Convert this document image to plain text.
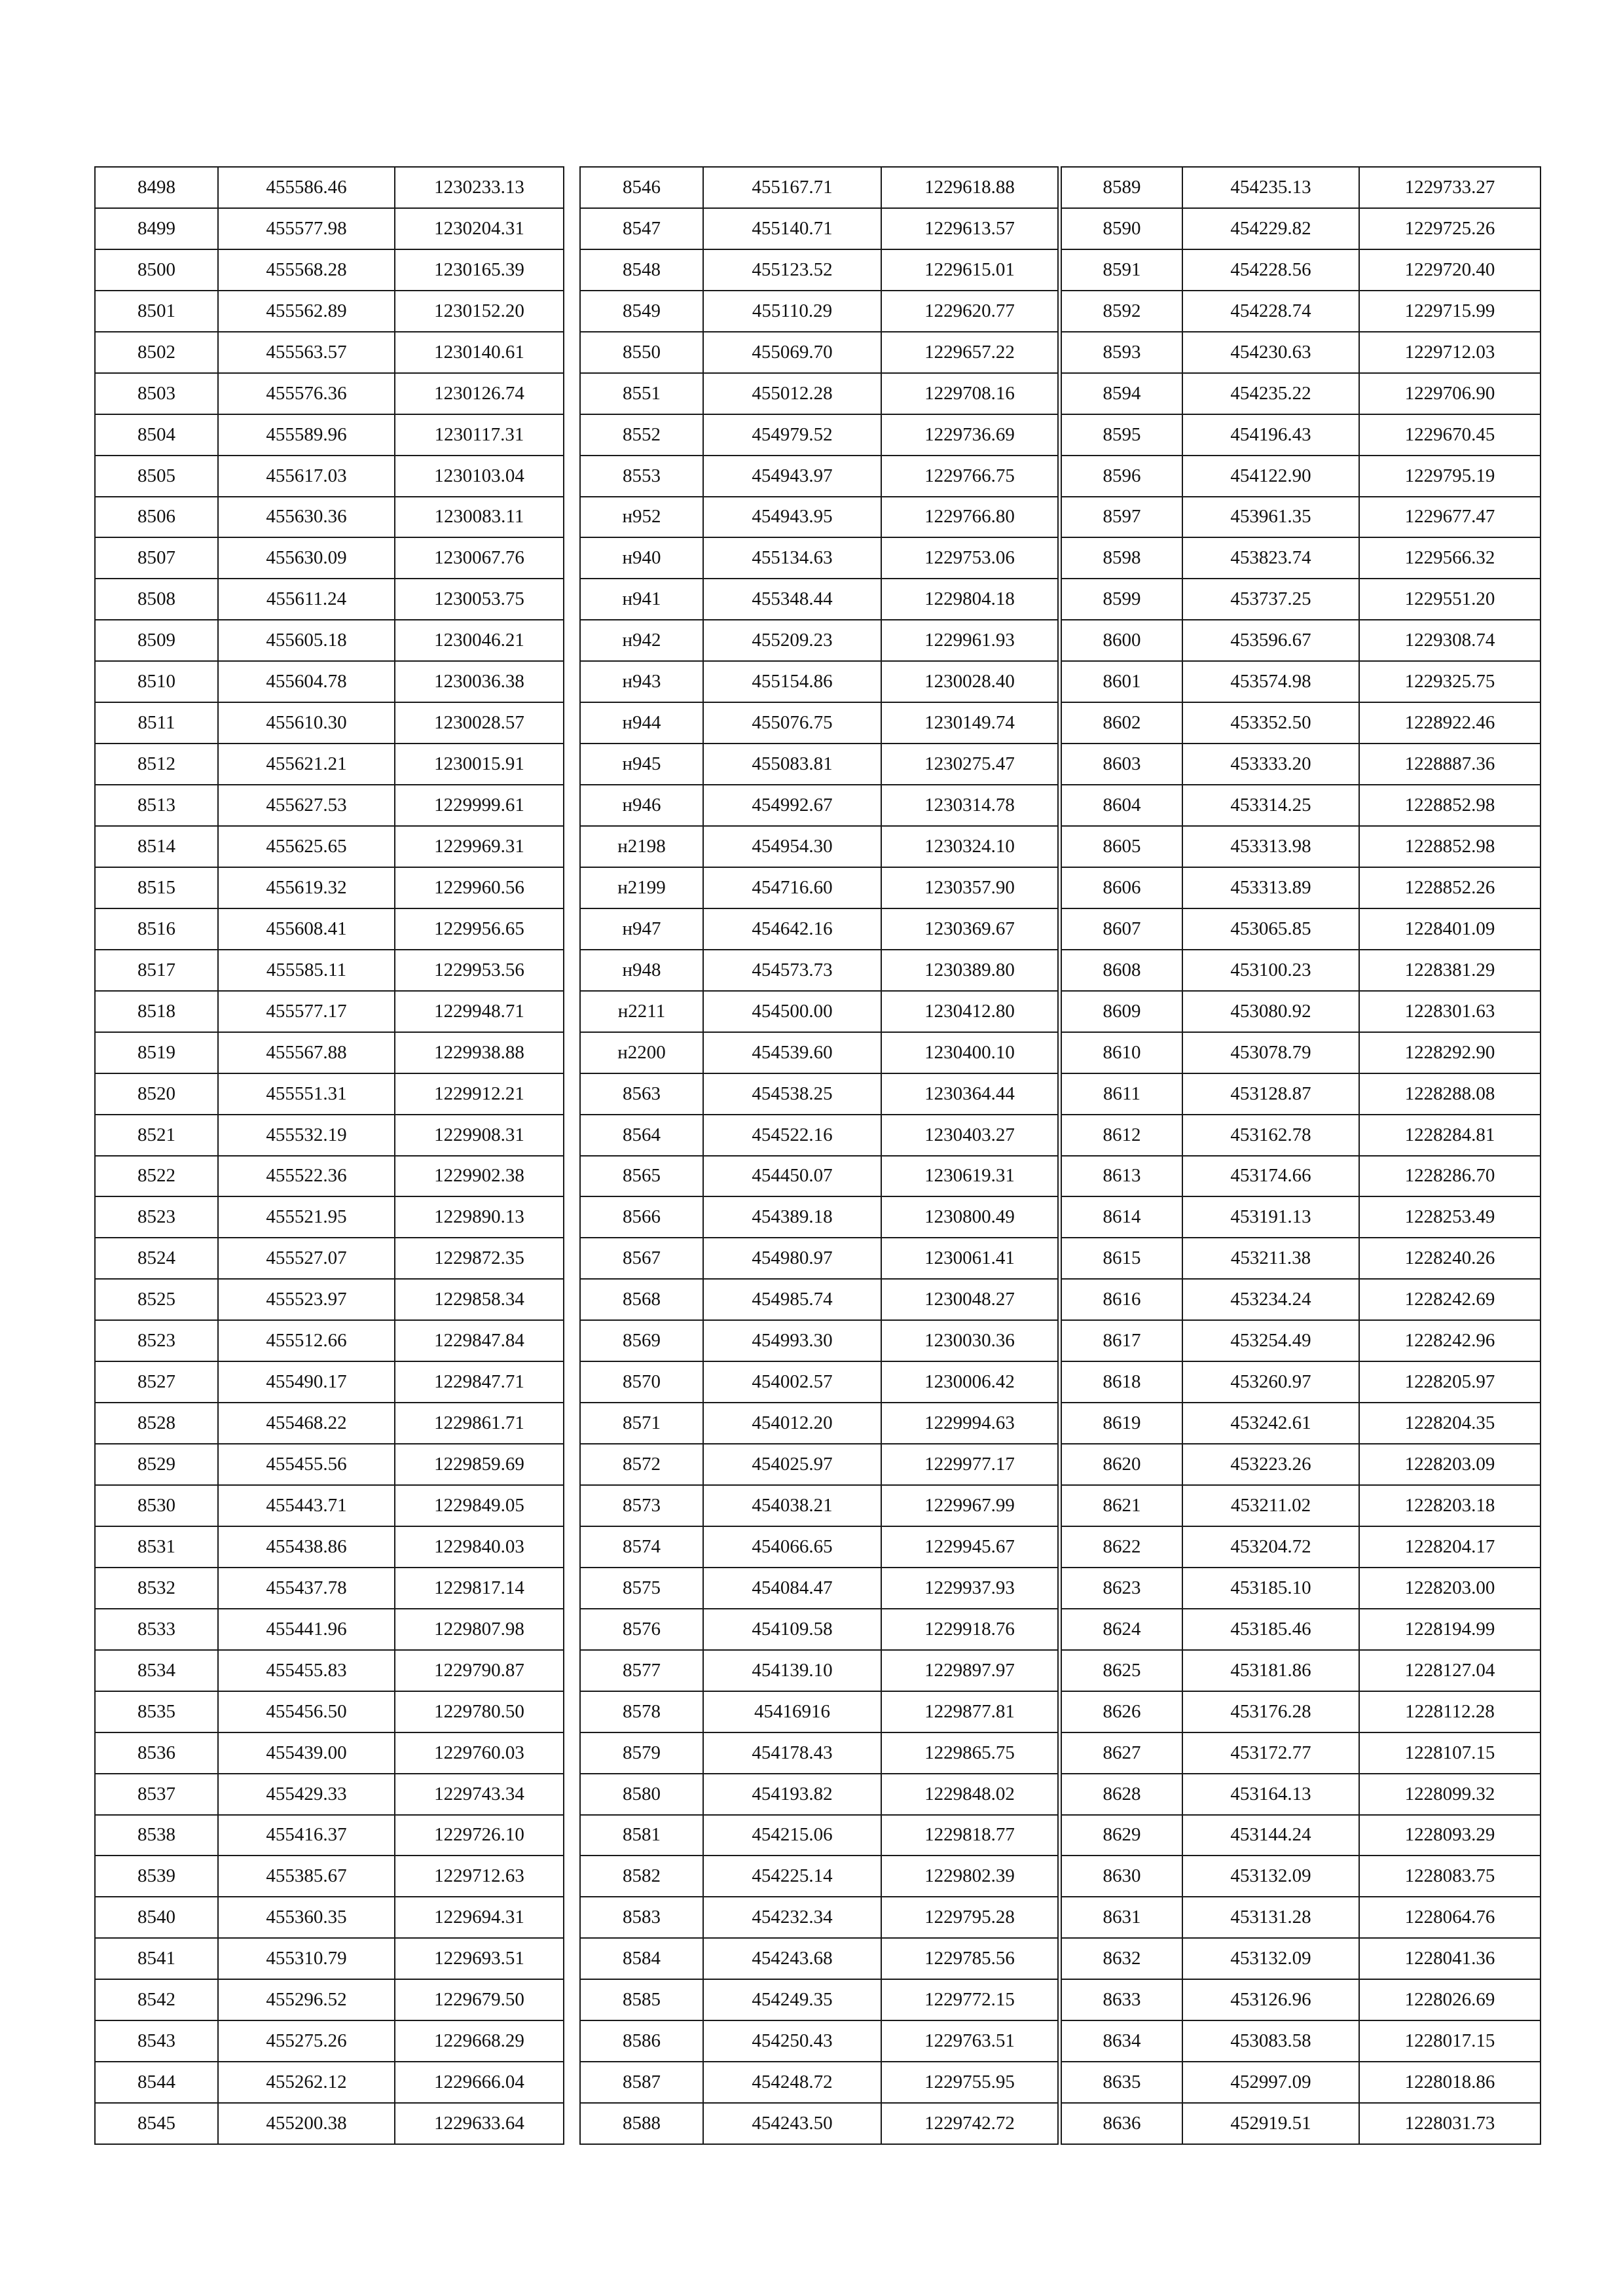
8498	455586.46	1230233.13
8499	455577.98	1230204.31
8500	455568.28	1230165.39
8501	455562.89	1230152.20
8502	455563.57	1230140.61
8503	455576.36	1230126.74
8504	455589.96	1230117.31
8505	455617.03	1230103.04
8506	455630.36	1230083.11
8507	455630.09	1230067.76
8508	455611.24	1230053.75
8509	455605.18	1230046.21
8510	455604.78	1230036.38
8511	455610.30	1230028.57
8512	455621.21	1230015.91
8513	455627.53	1229999.61
8514	455625.65	1229969.31
8515	455619.32	1229960.56
8516	455608.41	1229956.65
8517	455585.11	1229953.56
8518	455577.17	1229948.71
8519	455567.88	1229938.88
8520	455551.31	1229912.21
8521	455532.19	1229908.31
8522	455522.36	1229902.38
8523	455521.95	1229890.13
8524	455527.07	1229872.35
8525	455523.97	1229858.34
8523	455512.66	1229847.84
8527	455490.17	1229847.71
8528	455468.22	1229861.71
8529	455455.56	1229859.69
8530	455443.71	1229849.05
8531	455438.86	1229840.03
8532	455437.78	1229817.14
8533	455441.96	1229807.98
8534	455455.83	1229790.87
8535	455456.50	1229780.50
8536	455439.00	1229760.03
8537	455429.33	1229743.34
8538	455416.37	1229726.10
8539	455385.67	1229712.63
8540	455360.35	1229694.31
8541	455310.79	1229693.51
8542	455296.52	1229679.50
8543	455275.26	1229668.29
8544	455262.12	1229666.04
8545	455200.38	1229633.64
8546	455167.71	1229618.88
8547	455140.71	1229613.57
8548	455123.52	1229615.01
8549	455110.29	1229620.77
8550	455069.70	1229657.22
8551	455012.28	1229708.16
8552	454979.52	1229736.69
8553	454943.97	1229766.75
н952	454943.95	1229766.80
н940	455134.63	1229753.06
н941	455348.44	1229804.18
н942	455209.23	1229961.93
н943	455154.86	1230028.40
н944	455076.75	1230149.74
н945	455083.81	1230275.47
н946	454992.67	1230314.78
н2198	454954.30	1230324.10
н2199	454716.60	1230357.90
н947	454642.16	1230369.67
н948	454573.73	1230389.80
н2211	454500.00	1230412.80
н2200	454539.60	1230400.10
8563	454538.25	1230364.44
8564	454522.16	1230403.27
8565	454450.07	1230619.31
8566	454389.18	1230800.49
8567	454980.97	1230061.41
8568	454985.74	1230048.27
8569	454993.30	1230030.36
8570	454002.57	1230006.42
8571	454012.20	1229994.63
8572	454025.97	1229977.17
8573	454038.21	1229967.99
8574	454066.65	1229945.67
8575	454084.47	1229937.93
8576	454109.58	1229918.76
8577	454139.10	1229897.97
8578	45416916	1229877.81
8579	454178.43	1229865.75
8580	454193.82	1229848.02
8581	454215.06	1229818.77
8582	454225.14	1229802.39
8583	454232.34	1229795.28
8584	454243.68	1229785.56
8585	454249.35	1229772.15
8586	454250.43	1229763.51
8587	454248.72	1229755.95
8588	454243.50	1229742.72
8589	454235.13	1229733.27
8590	454229.82	1229725.26
8591	454228.56	1229720.40
8592	454228.74	1229715.99
8593	454230.63	1229712.03
8594	454235.22	1229706.90
8595	454196.43	1229670.45
8596	454122.90	1229795.19
8597	453961.35	1229677.47
8598	453823.74	1229566.32
8599	453737.25	1229551.20
8600	453596.67	1229308.74
8601	453574.98	1229325.75
8602	453352.50	1228922.46
8603	453333.20	1228887.36
8604	453314.25	1228852.98
8605	453313.98	1228852.98
8606	453313.89	1228852.26
8607	453065.85	1228401.09
8608	453100.23	1228381.29
8609	453080.92	1228301.63
8610	453078.79	1228292.90
8611	453128.87	1228288.08
8612	453162.78	1228284.81
8613	453174.66	1228286.70
8614	453191.13	1228253.49
8615	453211.38	1228240.26
8616	453234.24	1228242.69
8617	453254.49	1228242.96
8618	453260.97	1228205.97
8619	453242.61	1228204.35
8620	453223.26	1228203.09
8621	453211.02	1228203.18
8622	453204.72	1228204.17
8623	453185.10	1228203.00
8624	453185.46	1228194.99
8625	453181.86	1228127.04
8626	453176.28	1228112.28
8627	453172.77	1228107.15
8628	453164.13	1228099.32
8629	453144.24	1228093.29
8630	453132.09	1228083.75
8631	453131.28	1228064.76
8632	453132.09	1228041.36
8633	453126.96	1228026.69
8634	453083.58	1228017.15
8635	452997.09	1228018.86
8636	452919.51	1228031.73
